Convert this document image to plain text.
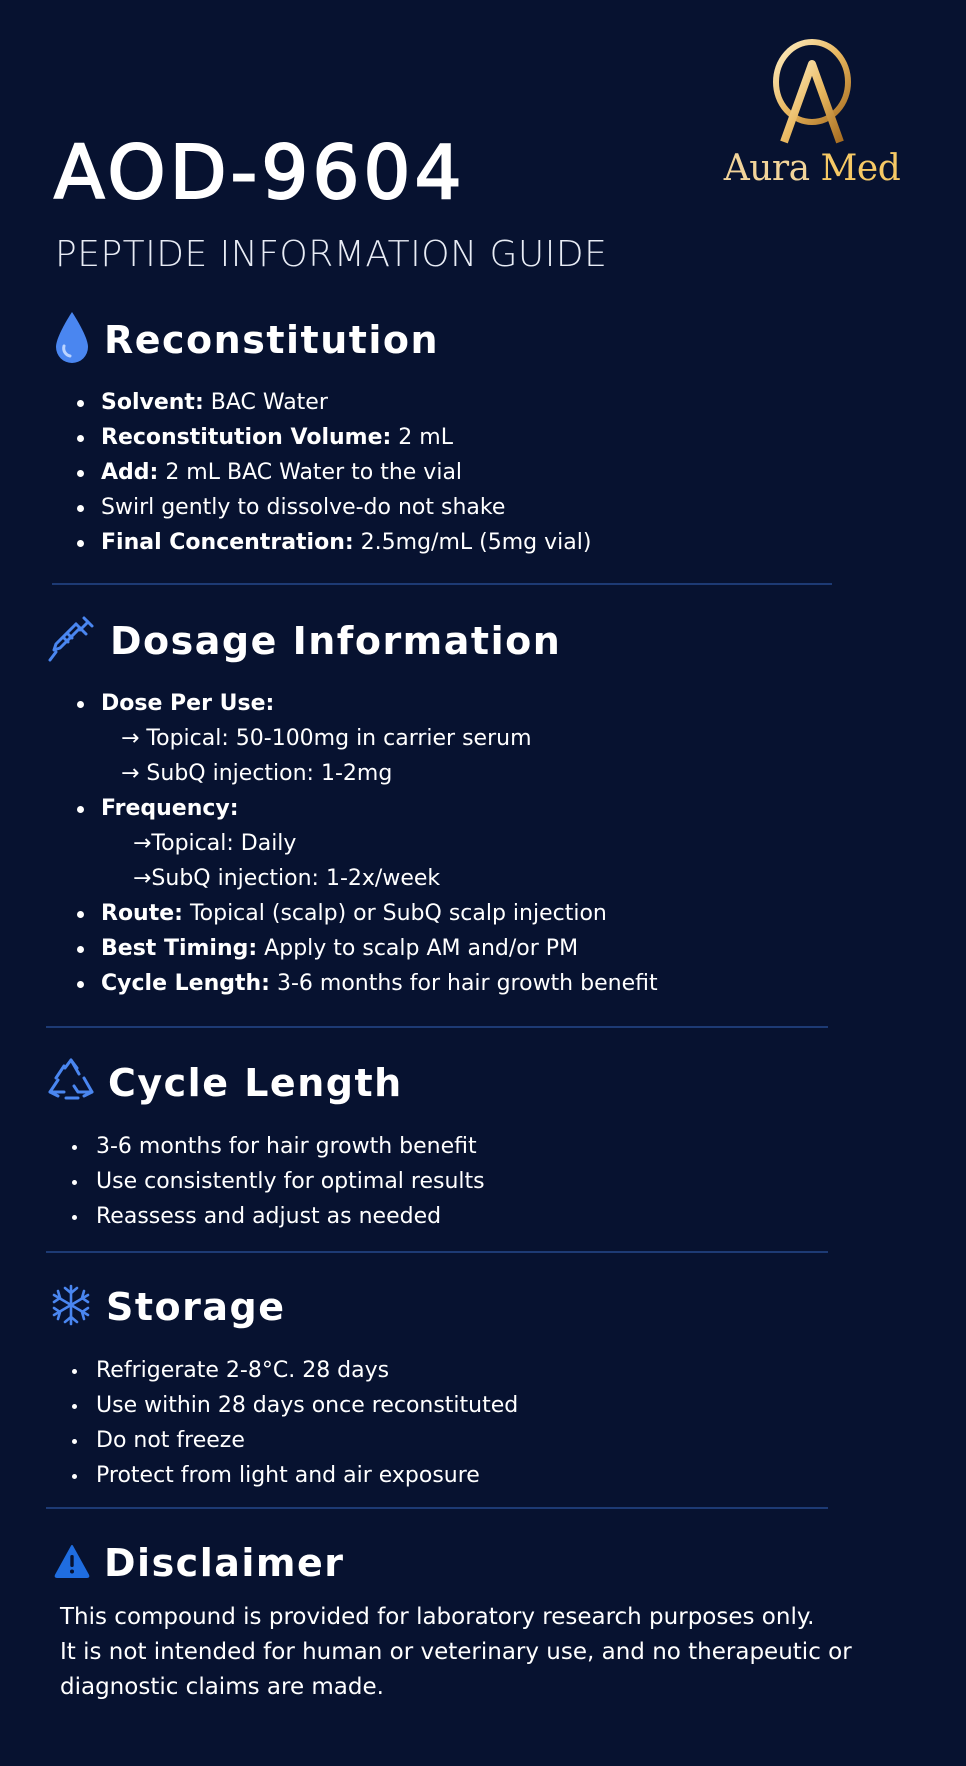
Aura Med
AOD-9604
PEPTIDE INFORMATION GUIDE
Reconstitution
Solvent: BAC Water
Reconstitution Volume: 2 mL
Add: 2 mL BAC Water to the vial
Swirl gently to dissolve-do not shake
Final Concentration: 2.5mg/mL (5mg vial)
Dosage Information
Dose Per Use:
→ Topical: 50-100mg in carrier serum
→ SubQ injection: 1-2mg
Frequency:
→Topical: Daily
→SubQ injection: 1-2x/week
Route: Topical (scalp) or SubQ scalp injection
Best Timing: Apply to scalp AM and/or PM
Cycle Length: 3-6 months for hair growth benefit
Cycle Length
3-6 months for hair growth benefit
Use consistently for optimal results
Reassess and adjust as needed
Storage
Refrigerate 2-8°C. 28 days
Use within 28 days once reconstituted
Do not freeze
Protect from light and air exposure
Disclaimer
This compound is provided for laboratory research purposes only.
It is not intended for human or veterinary use, and no therapeutic or
diagnostic claims are made.
